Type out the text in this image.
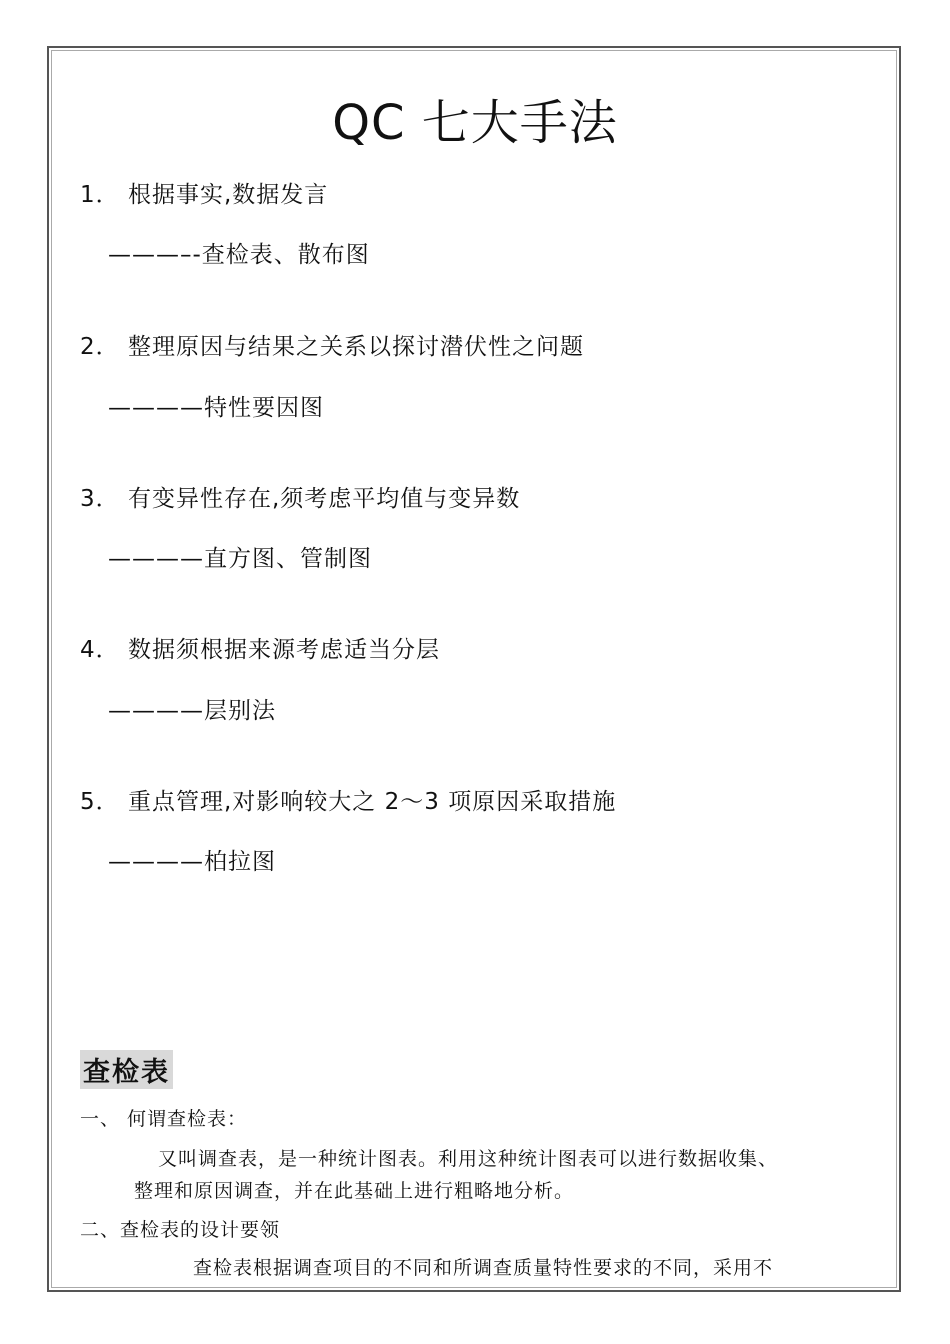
QC 七大手法
1． 根据事实,数据发言
———–-查检表、散布图
2． 整理原因与结果之关系以探讨潜伏性之问题
————特性要因图
3． 有变异性存在,须考虑平均值与变异数
————直方图、管制图
4． 数据须根据来源考虑适当分层
————层别法
5． 重点管理,对影响较大之 2～3 项原因采取措施
————柏拉图
查检表
一、 何谓查检表：
又叫调查表，是一种统计图表。利用这种统计图表可以进行数据收集、
整理和原因调查，并在此基础上进行粗略地分析。
二、查检表的设计要领
查检表根据调查项目的不同和所调查质量特性要求的不同，采用不
